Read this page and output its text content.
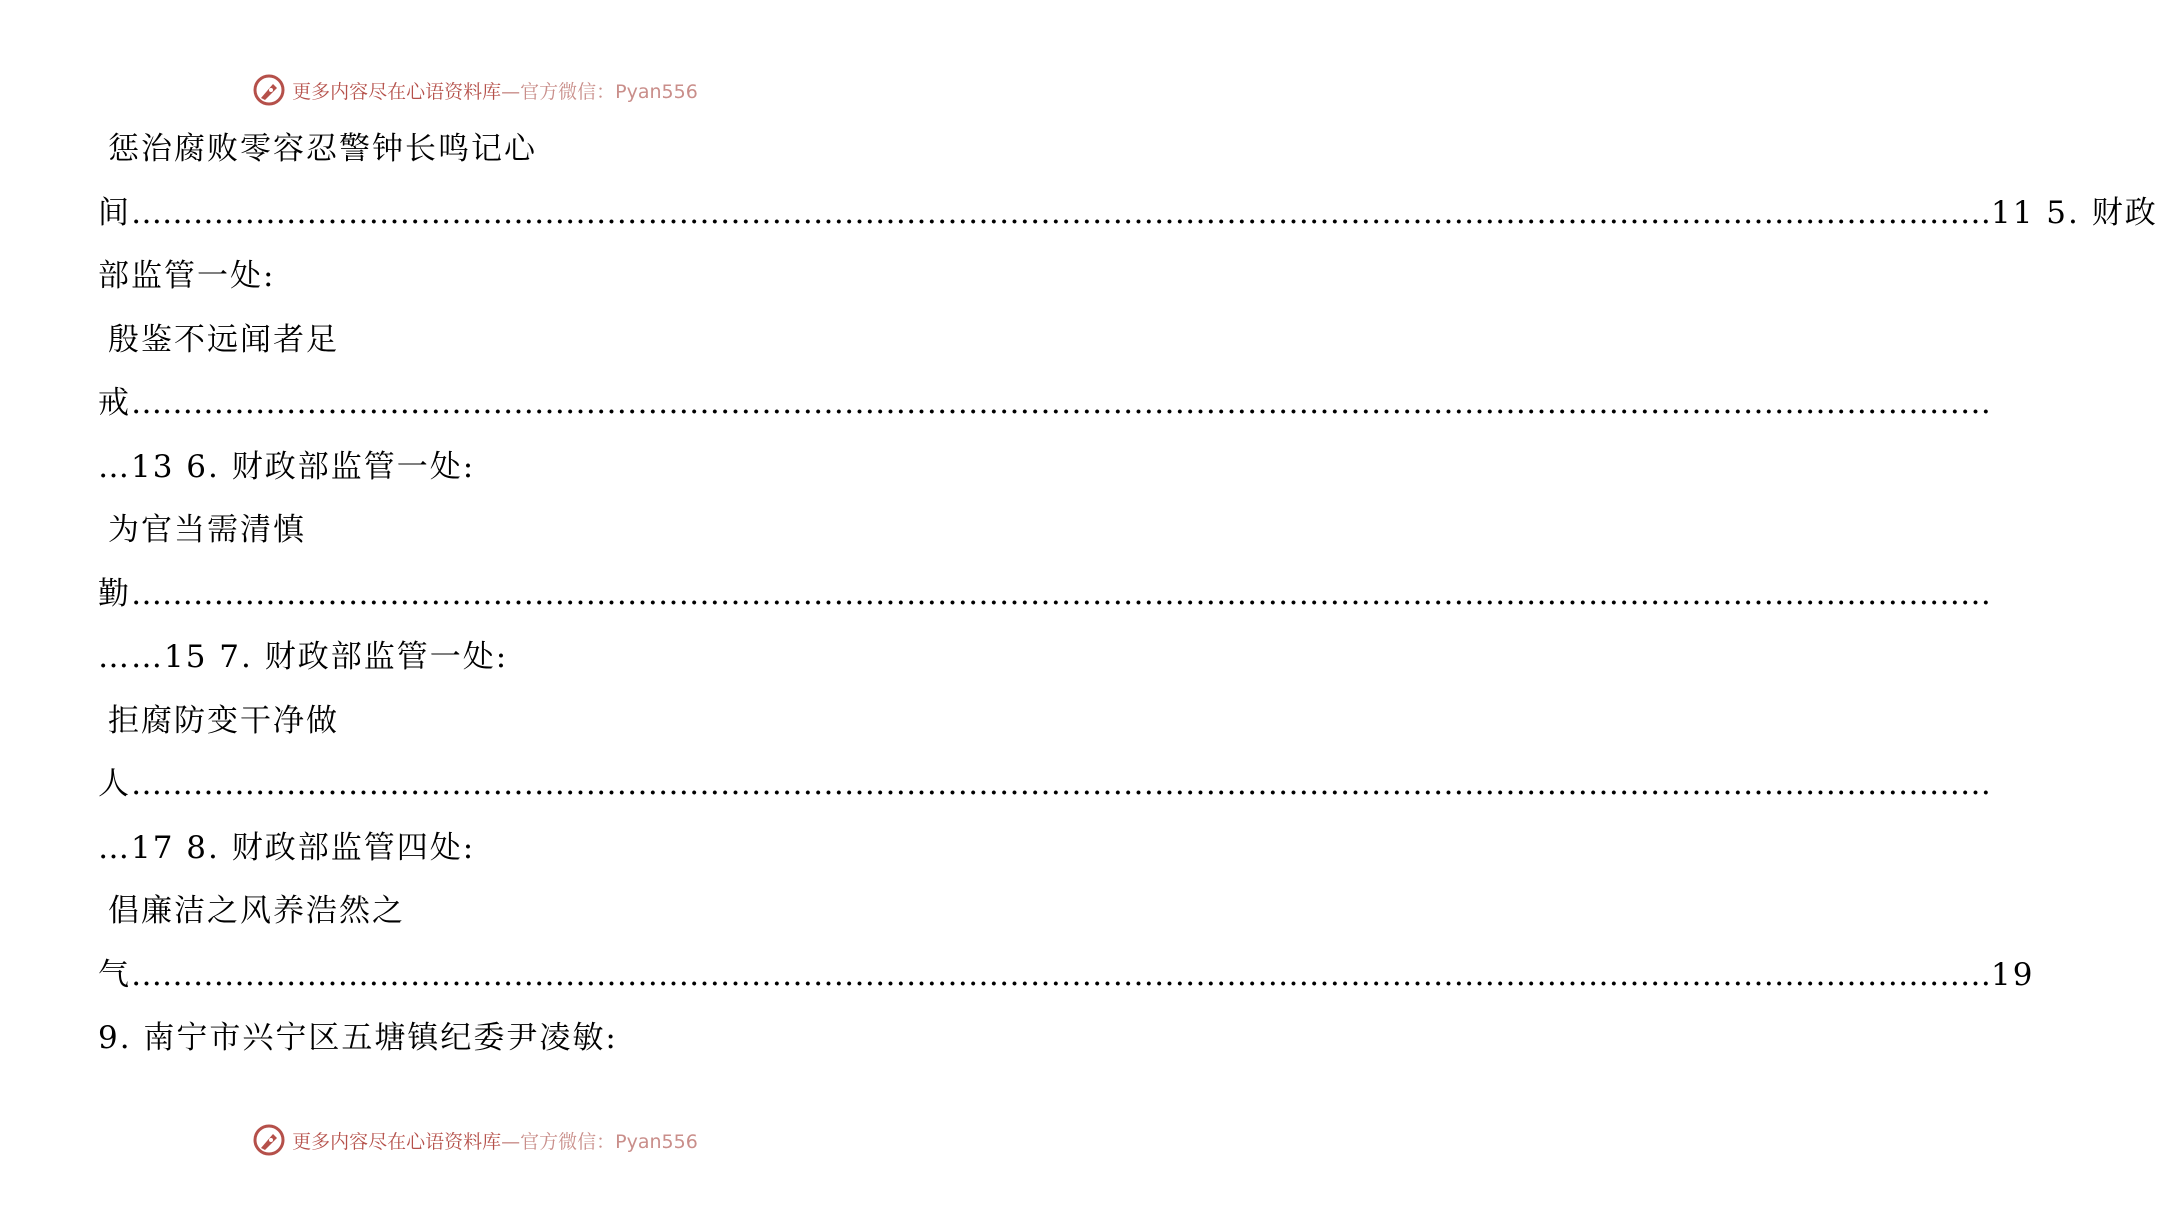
更多内容尽在心语资料库—官方微信：Pyan556
惩治腐败零容忍警钟长鸣记心
间 ……………………………………………………………………………………………………………………………………………………………… 11 5. 财政
部监管一处:
殷鉴不远闻者足
戒 ………………………………………………………………………………………………………………………………………………………………
…13 6. 财政部监管一处:
为官当需清慎
勤 ………………………………………………………………………………………………………………………………………………………………
……15 7. 财政部监管一处:
拒腐防变干净做
人 ………………………………………………………………………………………………………………………………………………………………
…17 8. 财政部监管四处:
倡廉洁之风养浩然之
气 ……………………………………………………………………………………………………………………………………………………………… 19
9. 南宁市兴宁区五塘镇纪委尹凌敏:
更多内容尽在心语资料库—官方微信：Pyan556
